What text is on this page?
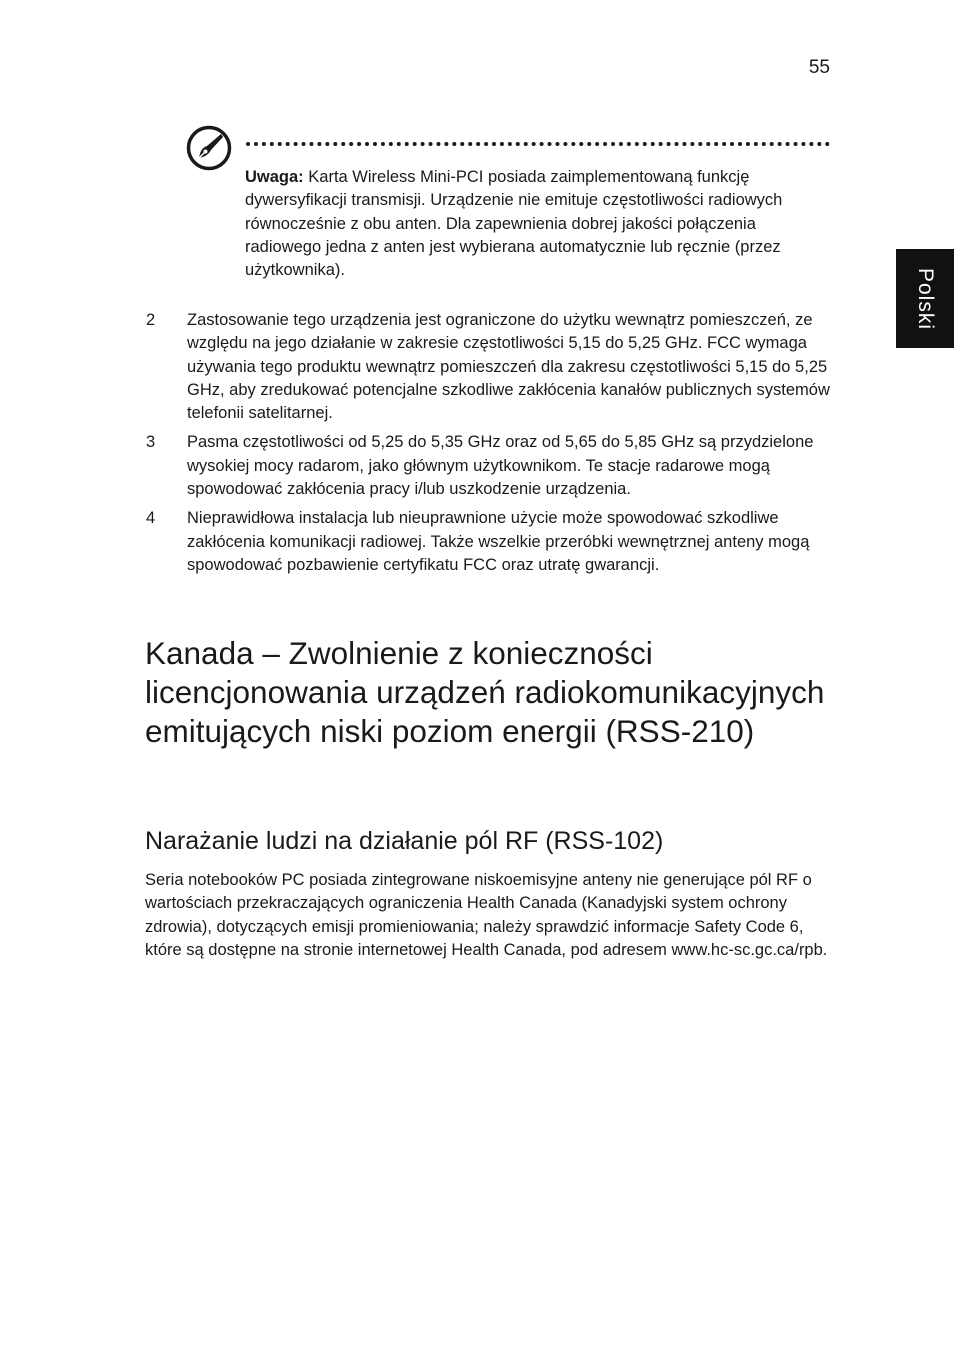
55
Polski
Uwaga: Karta Wireless Mini-PCI posiada zaimplementowaną funkcję dywersyfikacji transmisji. Urządzenie nie emituje częstotliwości radiowych równocześnie z obu anten. Dla zapewnienia dobrej jakości połączenia radiowego jedna z anten jest wybierana automatycznie lub ręcznie (przez użytkownika).
2 Zastosowanie tego urządzenia jest ograniczone do użytku wewnątrz pomieszczeń, ze względu na jego działanie w zakresie częstotliwości 5,15 do 5,25 GHz. FCC wymaga używania tego produktu wewnątrz pomieszczeń dla zakresu częstotliwości 5,15 do 5,25 GHz, aby zredukować potencjalne szkodliwe zakłócenia kanałów publicznych systemów telefonii satelitarnej.
3 Pasma częstotliwości od 5,25 do 5,35 GHz oraz od 5,65 do 5,85 GHz są przydzielone wysokiej mocy radarom, jako głównym użytkownikom. Te stacje radarowe mogą spowodować zakłócenia pracy i/lub uszkodzenie urządzenia.
4 Nieprawidłowa instalacja lub nieuprawnione użycie może spowodować szkodliwe zakłócenia komunikacji radiowej. Także wszelkie przeróbki wewnętrznej anteny mogą spowodować pozbawienie certyfikatu FCC oraz utratę gwarancji.
Kanada – Zwolnienie z konieczności licencjonowania urządzeń radiokomunikacyjnych emitujących niski poziom energii (RSS-210)
Narażanie ludzi na działanie pól RF (RSS-102)
Seria notebooków PC posiada zintegrowane niskoemisyjne anteny nie generujące pól RF o wartościach przekraczających ograniczenia Health Canada (Kanadyjski system ochrony zdrowia), dotyczących emisji promieniowania; należy sprawdzić informacje Safety Code 6, które są dostępne na stronie internetowej Health Canada, pod adresem www.hc-sc.gc.ca/rpb.
